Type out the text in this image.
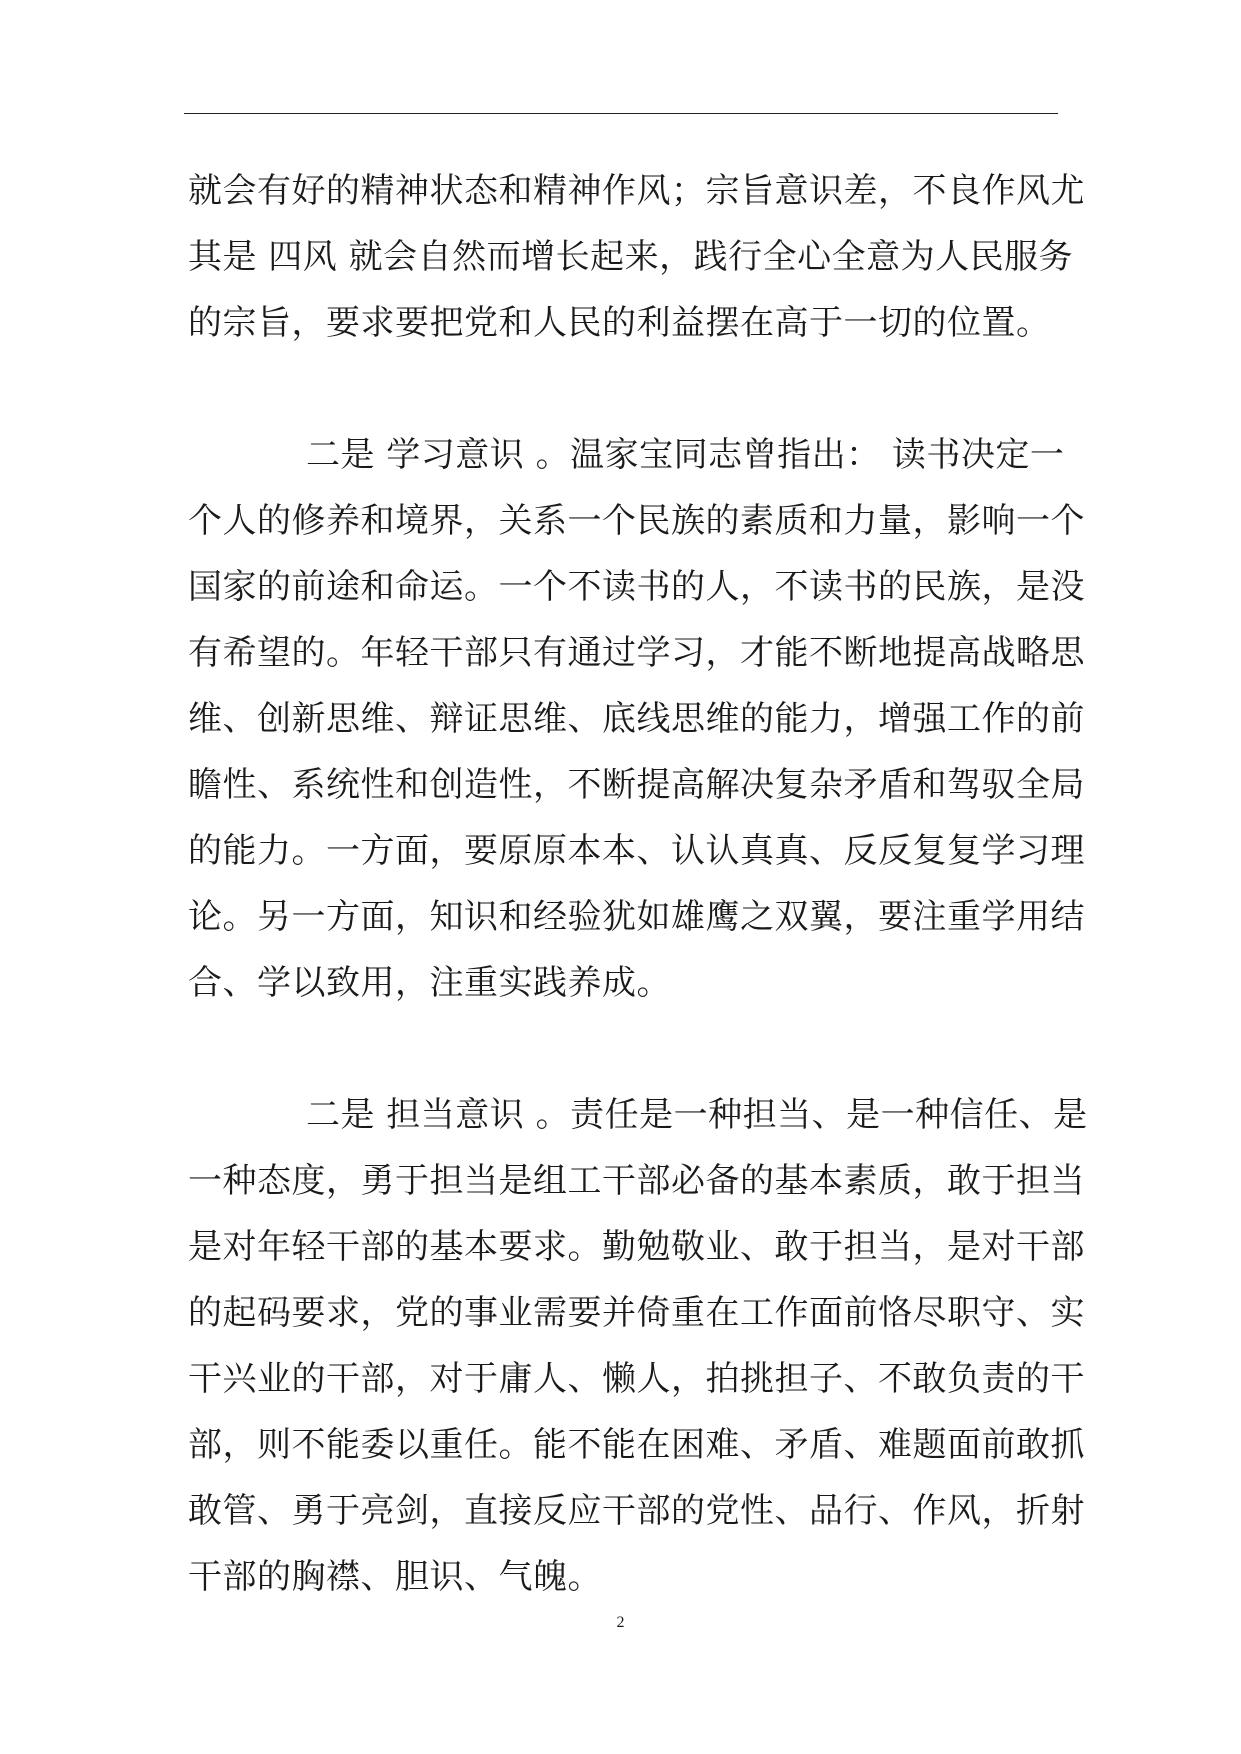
就会有好的精神状态和精神作风；宗旨意识差，不良作风尤
其是 四风 就会自然而增长起来，践行全心全意为人民服务
的宗旨，要求要把党和人民的利益摆在高于一切的位置。
二是 学习意识 。温家宝同志曾指出： 读书决定一
个人的修养和境界，关系一个民族的素质和力量，影响一个
国家的前途和命运。一个不读书的人，不读书的民族，是没
有希望的。年轻干部只有通过学习，才能不断地提高战略思
维、创新思维、辩证思维、底线思维的能力，增强工作的前
瞻性、系统性和创造性，不断提高解决复杂矛盾和驾驭全局
的能力。一方面，要原原本本、认认真真、反反复复学习理
论。另一方面，知识和经验犹如雄鹰之双翼，要注重学用结
合、学以致用，注重实践养成。
二是 担当意识 。责任是一种担当、是一种信任、是
一种态度，勇于担当是组工干部必备的基本素质，敢于担当
是对年轻干部的基本要求。勤勉敬业、敢于担当，是对干部
的起码要求，党的事业需要并倚重在工作面前恪尽职守、实
干兴业的干部，对于庸人、懒人，拍挑担子、不敢负责的干
部，则不能委以重任。能不能在困难、矛盾、难题面前敢抓
敢管、勇于亮剑，直接反应干部的党性、品行、作风，折射
干部的胸襟、胆识、气魄。
2
